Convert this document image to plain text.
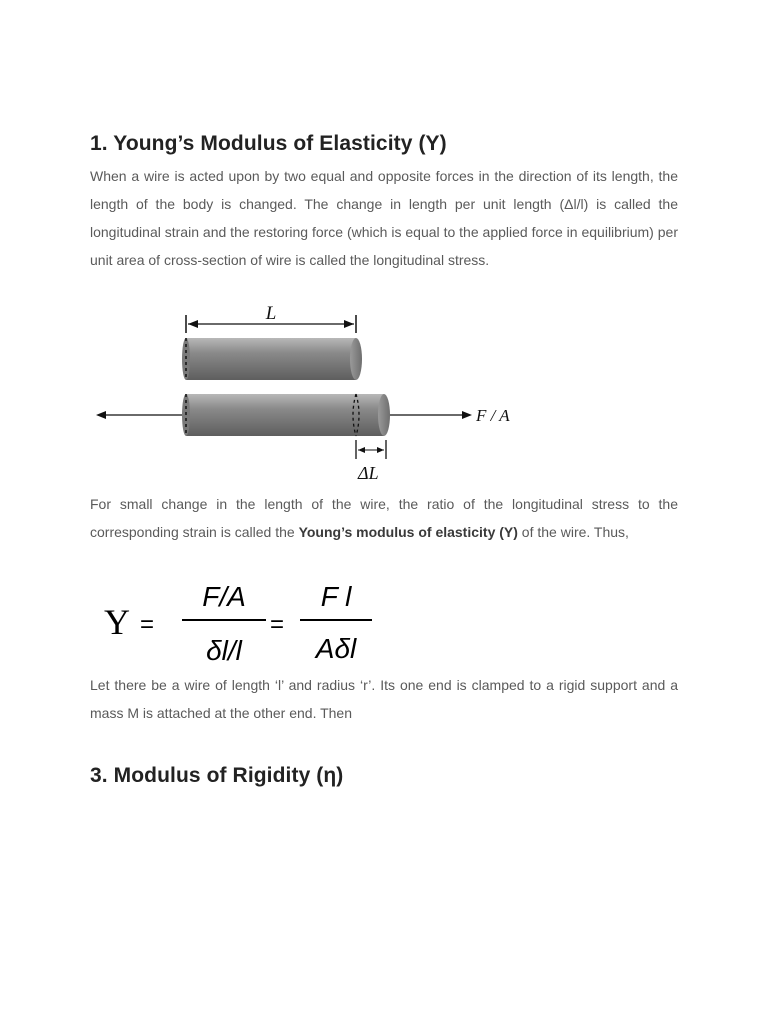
1. Young’s Modulus of Elasticity (Y)

When a wire is acted upon by two equal and opposite forces in the direction of its length, the length of the body is changed. The change in length per unit length (Δl/l) is called the longitudinal strain and the restoring force (which is equal to the applied force in equilibrium) per unit area of cross-section of wire is called the longitudinal stress.

L
F / A
ΔL

For small change in the length of the wire, the ratio of the longitudinal stress to the corresponding strain is called the Young’s modulus of elasticity (Y) of the wire. Thus,

Y =
F/A
δl/l
=
F l
Aδl

Let there be a wire of length ‘l’ and radius ‘r’. Its one end is clamped to a rigid support and a mass M is attached at the other end. Then

3. Modulus of Rigidity (η)
